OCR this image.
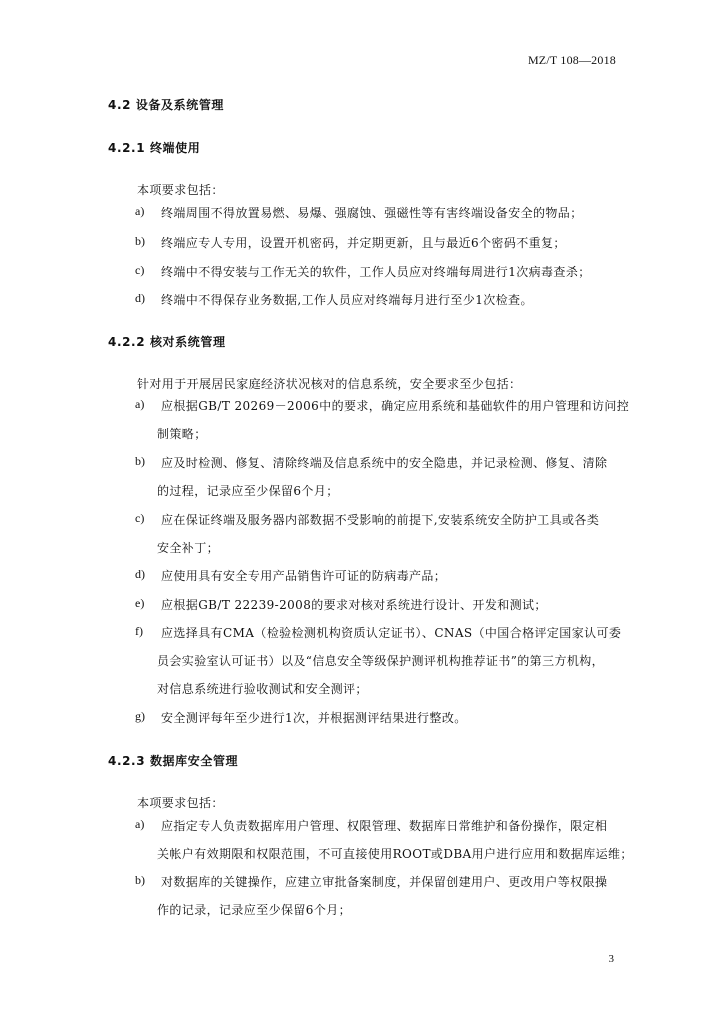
MZ/T 108—2018
4.2 设备及系统管理
4.2.1 终端使用
本项要求包括：
a) 终端周围不得放置易燃、易爆、强腐蚀、强磁性等有害终端设备安全的物品；
b) 终端应专人专用，设置开机密码，并定期更新，且与最近6个密码不重复；
c) 终端中不得安装与工作无关的软件，工作人员应对终端每周进行1次病毒查杀；
d) 终端中不得保存业务数据,工作人员应对终端每月进行至少1次检查。
4.2.2 核对系统管理
针对用于开展居民家庭经济状况核对的信息系统，安全要求至少包括：
a) 应根据GB/T 20269－2006中的要求，确定应用系统和基础软件的用户管理和访问控
制策略；
b) 应及时检测、修复、清除终端及信息系统中的安全隐患，并记录检测、修复、清除
的过程，记录应至少保留6个月；
c) 应在保证终端及服务器内部数据不受影响的前提下,安装系统安全防护工具或各类
安全补丁；
d) 应使用具有安全专用产品销售许可证的防病毒产品；
e) 应根据GB/T 22239-2008的要求对核对系统进行设计、开发和测试；
f) 应选择具有CMA（检验检测机构资质认定证书）、CNAS（中国合格评定国家认可委
员会实验室认可证书）以及“信息安全等级保护测评机构推荐证书”的第三方机构，
对信息系统进行验收测试和安全测评；
g) 安全测评每年至少进行1次，并根据测评结果进行整改。
4.2.3 数据库安全管理
本项要求包括：
a) 应指定专人负责数据库用户管理、权限管理、数据库日常维护和备份操作，限定相
关帐户有效期限和权限范围，不可直接使用ROOT或DBA用户进行应用和数据库运维；
b) 对数据库的关键操作，应建立审批备案制度，并保留创建用户、更改用户等权限操
作的记录，记录应至少保留6个月；
3
